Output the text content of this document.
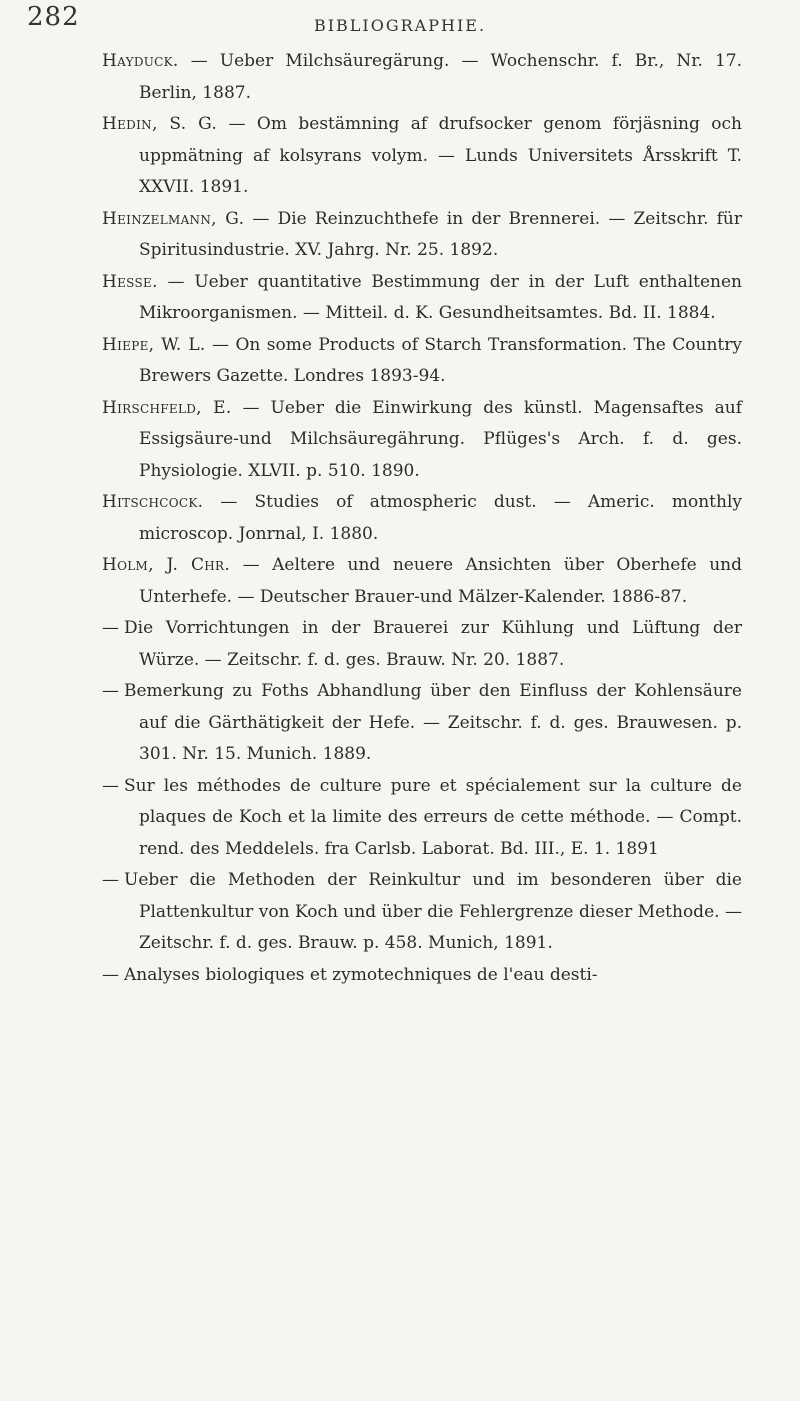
282	BIBLIOGRAPHIE.

Hayduck. — Ueber Milchsäuregärung. — Wochenschr. f. Br., Nr. 17. Berlin, 1887.

Hedin, S. G. — Om bestämning af drufsocker genom förjäsning och uppmätning af kolsyrans volym. — Lunds Universitets Årsskrift T. XXVII. 1891.

Heinzelmann, G. — Die Reinzuchthefe in der Brennerei. — Zeitschr. für Spiritusindustrie. XV. Jahrg. Nr. 25. 1892.

Hesse. — Ueber quantitative Bestimmung der in der Luft enthaltenen Mikroorganismen. — Mitteil. d. K. Gesundheitsamtes. Bd. II. 1884.

Hiepe, W. L. — On some Products of Starch Transformation. The Country Brewers Gazette. Londres 1893-94.

Hirschfeld, E. — Ueber die Einwirkung des künstl. Magensaftes auf Essigsäure-und Milchsäuregährung. Pflüges's Arch. f. d. ges. Physiologie. XLVII. p. 510. 1890.

Hitschcock. — Studies of atmospheric dust. — Americ. monthly microscop. Jonrnal, I. 1880.

Holm, J. Chr. — Aeltere und neuere Ansichten über Oberhefe und Unterhefe. — Deutscher Brauer-und Mälzer-Kalender. 1886-87.

— Die Vorrichtungen in der Brauerei zur Kühlung und Lüftung der Würze. — Zeitschr. f. d. ges. Brauw. Nr. 20. 1887.

— Bemerkung zu Foths Abhandlung über den Einfluss der Kohlensäure auf die Gärthätigkeit der Hefe. — Zeitschr. f. d. ges. Brauwesen. p. 301. Nr. 15. Munich. 1889.

— Sur les méthodes de culture pure et spécialement sur la culture de plaques de Koch et la limite des erreurs de cette méthode. — Compt. rend. des Meddelels. fra Carlsb. Laborat. Bd. III., E. 1. 1891

— Ueber die Methoden der Reinkultur und im besonderen über die Plattenkultur von Koch und über die Fehlergrenze dieser Methode. — Zeitschr. f. d. ges. Brauw. p. 458. Munich, 1891.

— Analyses biologiques et zymotechniques de l'eau desti-
